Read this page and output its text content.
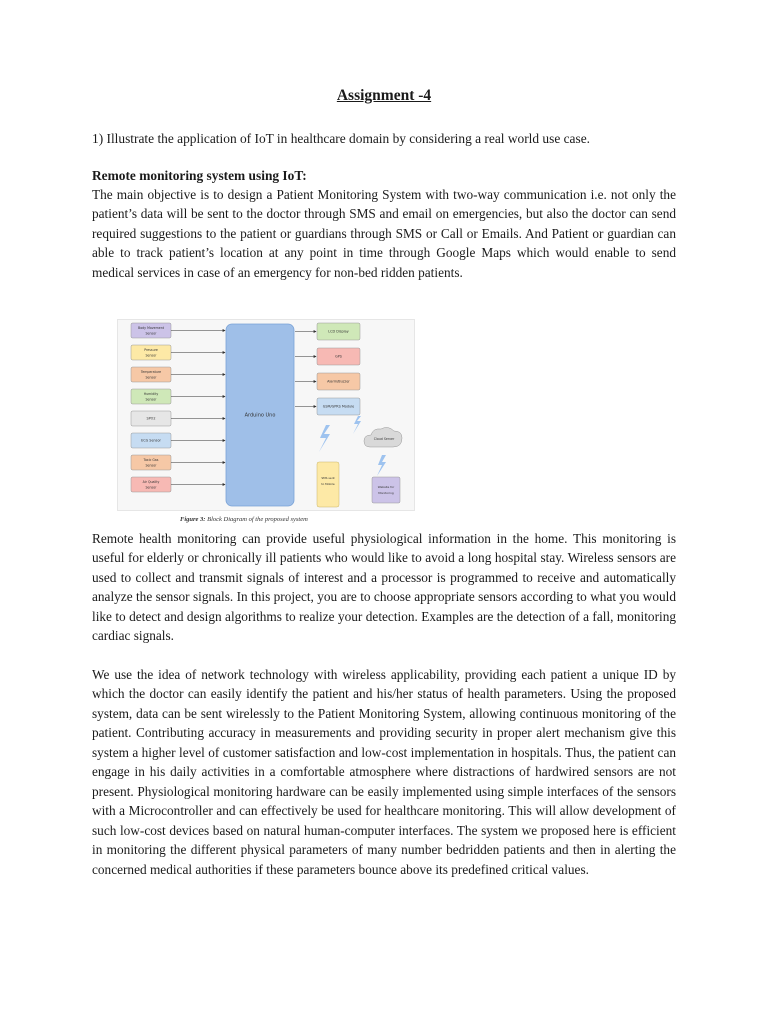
Assignment -4
1) Illustrate the application of IoT in healthcare domain by considering a real world use case.
Remote monitoring system using IoT:
The main objective is to design a Patient Monitoring System with two-way communication i.e. not only the patient’s data will be sent to the doctor through SMS and email on emergencies, but also the doctor can send required suggestions to the patient or guardians through SMS or Call or Emails. And Patient or guardian can able to track patient’s location at any point in time through Google Maps which would enable to send medical services in case of an emergency for non-bed ridden patients.
Remote health monitoring can provide useful physiological information in the home. This monitoring is useful for elderly or chronically ill patients who would like to avoid a long hospital stay. Wireless sensors are used to collect and transmit signals of interest and a processor is programmed to receive and automatically analyze the sensor signals. In this project, you are to choose appropriate sensors according to what you would like to detect and design algorithms to realize your detection. Examples are the detection of a fall, monitoring cardiac signals.
We use the idea of network technology with wireless applicability, providing each patient a unique ID by which the doctor can easily identify the patient and his/her status of health parameters. Using the proposed system, data can be sent wirelessly to the Patient Monitoring System, allowing continuous monitoring of the patient. Contributing accuracy in measurements and providing security in proper alert mechanism give this system a higher level of customer satisfaction and low-cost implementation in hospitals. Thus, the patient can engage in his daily activities in a comfortable atmosphere where distractions of hardwired sensors are not present. Physiological monitoring hardware can be easily implemented using simple interfaces of the sensors with a Microcontroller and can effectively be used for healthcare monitoring. This will allow development of such low-cost devices based on natural human-computer interfaces. The system we proposed here is efficient in monitoring the different physical parameters of many number bedridden patients and then in alerting the concerned medical authorities if these parameters bounce above its predefined critical values.
Arduino Uno
Body Movement
Sensor
Pressure
Sensor
Temperature
Sensor
Humidity
Sensor
SPO2
ECG Sensor
Toxic Gas
Sensor
Air Quality
Sensor
LCD Display
GPS
Alarm/Buzzer
GSM/GPRS Module
Cloud Server
SMS sent
to Mobile
Website for
Monitoring
Figure 3: Block Diagram of the proposed system
